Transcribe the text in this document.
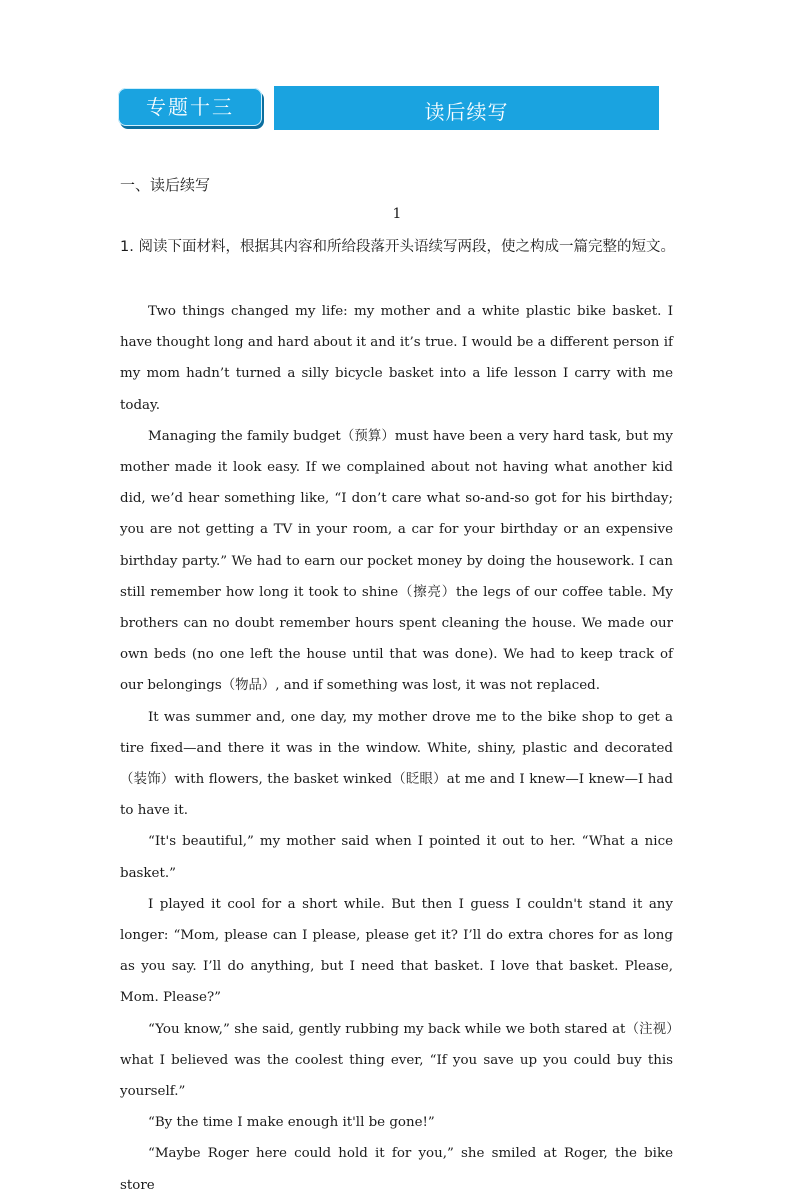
专题十三	读后续写
一、读后续写
1
1. 阅读下面材料，根据其内容和所给段落开头语续写两段，使之构成一篇完整的短文。

Two things changed my life: my mother and a white plastic bike basket. I have thought long and hard about it and it’s true. I would be a different person if my mom hadn’t turned a silly bicycle basket into a life lesson I carry with me today.

Managing the family budget（预算）must have been a very hard task, but my mother made it look easy. If we complained about not having what another kid did, we’d hear something like, “I don’t care what so-and-so got for his birthday; you are not getting a TV in your room, a car for your birthday or an expensive birthday party.” We had to earn our pocket money by doing the housework. I can still remember how long it took to shine（擦亮）the legs of our coffee table. My brothers can no doubt remember hours spent cleaning the house. We made our own beds (no one left the house until that was done). We had to keep track of our belongings（物品）, and if something was lost, it was not replaced.

It was summer and, one day, my mother drove me to the bike shop to get a tire fixed—and there it was in the window. White, shiny, plastic and decorated（装饰）with flowers, the basket winked（眨眼）at me and I knew—I knew—I had to have it.

“It's beautiful,” my mother said when I pointed it out to her. “What a nice basket.”

I played it cool for a short while. But then I guess I couldn't stand it any longer: “Mom, please can I please, please get it? I’ll do extra chores for as long as you say. I’ll do anything, but I need that basket. I love that basket. Please, Mom. Please?”

“You know,” she said, gently rubbing my back while we both stared at（注视）what I believed was the coolest thing ever, “If you save up you could buy this yourself.”

“By the time I make enough it'll be gone!”

“Maybe Roger here could hold it for you,” she smiled at Roger, the bike store
